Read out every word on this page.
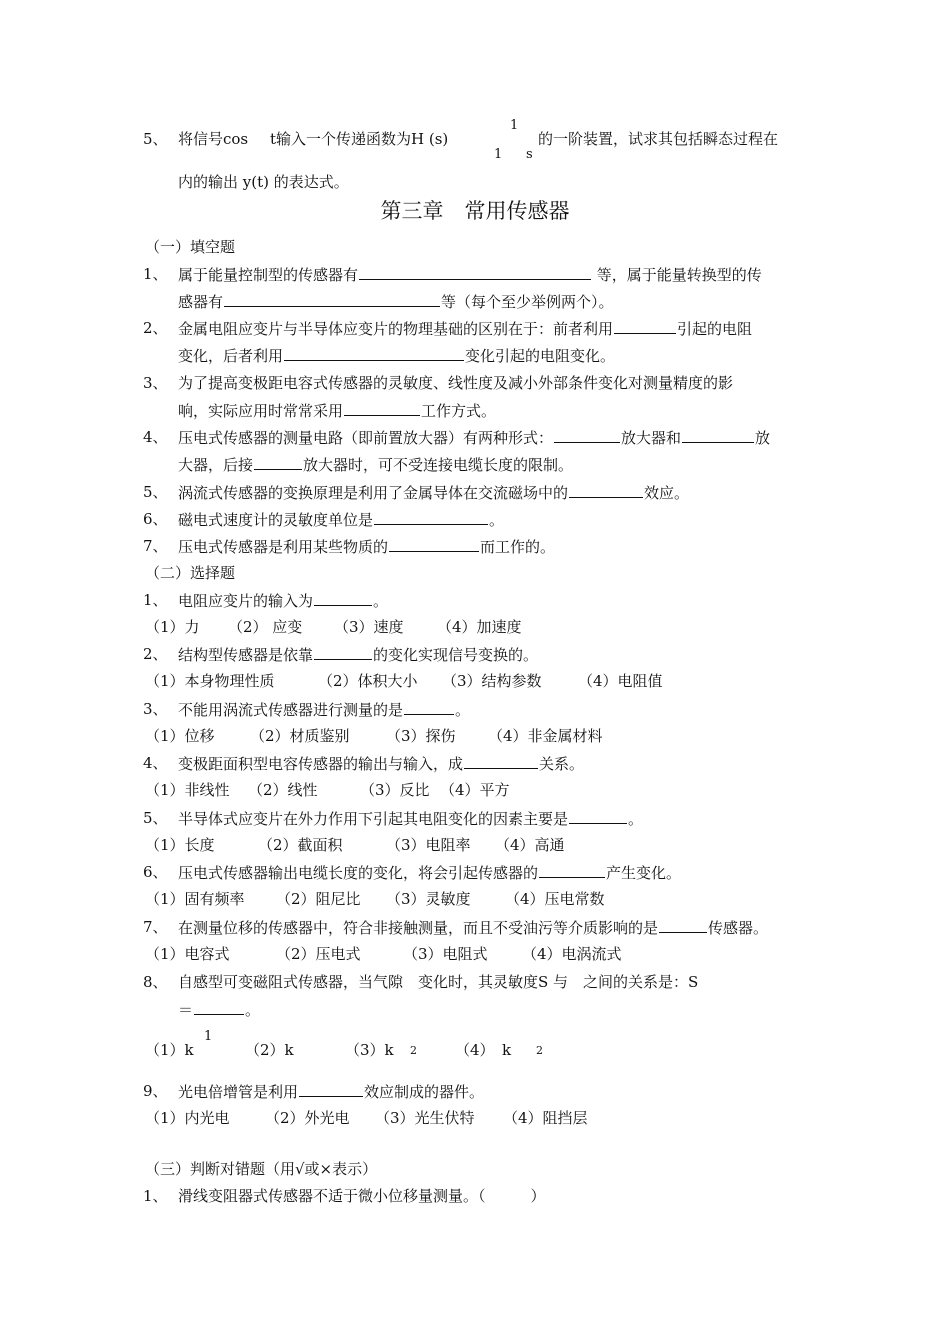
5、 将信号cos t输入一个传递函数为H (s)
1
1 s
的一阶装置，试求其包括瞬态过程在
内的输出 y(t) 的表达式。
第三章　常用传感器
（一）填空题
1、 属于能量控制型的传感器有	等，属于能量转换型的传
感器有	等（每个至少举例两个）。
2、 金属电阻应变片与半导体应变片的物理基础的区别在于：前者利用	引起的电阻
变化，后者利用	变化引起的电阻变化。
3、 为了提高变极距电容式传感器的灵敏度、线性度及减小外部条件变化对测量精度的影
响，实际应用时常常采用	工作方式。
4、 压电式传感器的测量电路（即前置放大器）有两种形式：	放大器和	放
大器，后接	放大器时，可不受连接电缆长度的限制。
5、 涡流式传感器的变换原理是利用了金属导体在交流磁场中的	效应。
6、 磁电式速度计的灵敏度单位是	。
7、 压电式传感器是利用某些物质的	而工作的。
（二）选择题
1、 电阻应变片的输入为	。
（1）力 （2） 应变 （3）速度 （4）加速度
2、 结构型传感器是依靠	的变化实现信号变换的。
（1）本身物理性质	（2）体积大小 （3）结构参数 （4）电阻值
3、 不能用涡流式传感器进行测量的是	。
（1）位移 （2）材质鉴别 （3）探伤 （4）非金属材料
4、 变极距面积型电容传感器的输出与输入，成	关系。
（1）非线性 （2）线性	（3）反比 （4）平方
5、 半导体式应变片在外力作用下引起其电阻变化的因素主要是	。
（1）长度	（2）截面积	（3）电阻率 （4）高通
6、 压电式传感器输出电缆长度的变化，将会引起传感器的	产生变化。
（1）固有频率 （2）阻尼比 （3）灵敏度 （4）压电常数
7、 在测量位移的传感器中，符合非接触测量，而且不受油污等介质影响的是	传感器。
（1）电容式	（2）压电式	（3）电阻式 （4）电涡流式
8、 自感型可变磁阻式传感器，当气隙　变化时，其灵敏度S 与　之间的关系是：S
＝	。
（1）k
1
（2）k	（3）k 2	（4）　k 2
9、 光电倍增管是利用	效应制成的器件。
（1）内光电 （2）外光电 （3）光生伏特 （4）阻挡层
（三）判断对错题（用√或×表示）
1、 滑线变阻器式传感器不适于微小位移量测量。（　　　）
